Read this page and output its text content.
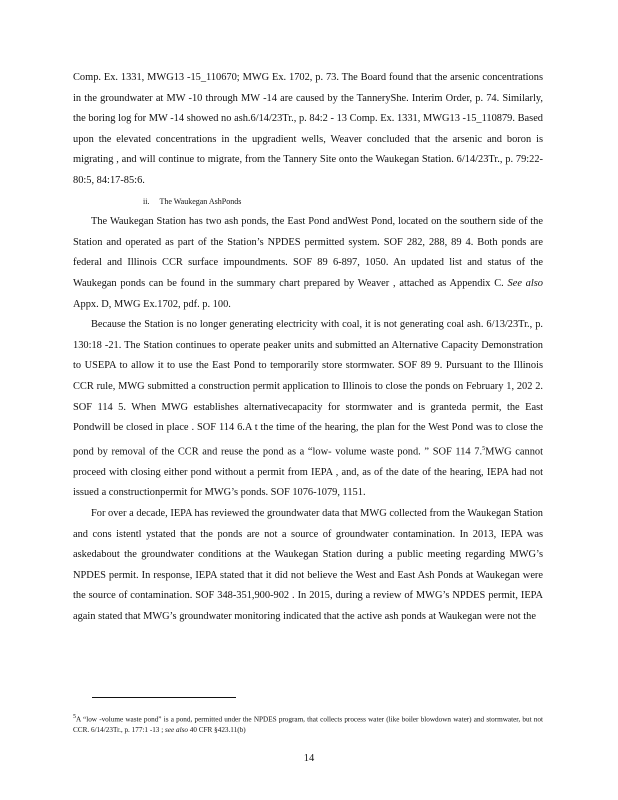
Comp. Ex. 1331, MWG13 -15_110670; MWG Ex. 1702, p. 73. The Board found that the arsenic concentrations in the groundwater at MW -10 through MW -14 are caused by the TanneryShe. Interim Order, p. 74. Similarly, the boring log for MW -14 showed no ash.6/14/23Tr., p. 84:2 - 13 Comp. Ex. 1331, MWG13 -15_110879. Based upon the elevated concentrations in the upgradient wells, Weaver concluded that the arsenic and boron is migrating , and will continue to migrate, from the Tannery Site onto the Waukegan Station. 6/14/23Tr., p. 79:22-80:5, 84:17-85:6.

ii. The Waukegan AshPonds

The Waukegan Station has two ash ponds, the East Pond andWest Pond, located on the southern side of the Station and operated as part of the Station’s NPDES permitted system. SOF 282, 288, 89 4. Both ponds are federal and Illinois CCR surface impoundments. SOF 89 6-897, 1050. An updated list and status of the Waukegan ponds can be found in the summary chart prepared by Weaver , attached as Appendix C. See also Appx. D, MWG Ex.1702, pdf. p. 100.

Because the Station is no longer generating electricity with coal, it is not generating coal ash. 6/13/23Tr., p. 130:18 -21. The Station continues to operate peaker units and submitted an Alternative Capacity Demonstration to USEPA to allow it to use the East Pond to temporarily store stormwater. SOF 89 9. Pursuant to the Illinois CCR rule, MWG submitted a construction permit application to Illinois to close the ponds on February 1, 202 2. SOF 114 5. When MWG establishes alternativecapacity for stormwater and is granteda permit, the East Pondwill be closed in place . SOF 114 6.A t the time of the hearing, the plan for the West Pond was to close the pond by removal of the CCR and reuse the pond as a “low- volume waste pond. ” SOF 114 7.$^5$MWG cannot proceed with closing either pond without a permit from IEPA , and, as of the date of the hearing, IEPA had not issued a constructionpermit for MWG’s ponds. SOF 1076-1079, 1151.

For over a decade, IEPA has reviewed the groundwater data that MWG collected from the Waukegan Station and cons istentl ystated that the ponds are not a source of groundwater contamination. In 2013, IEPA was askedabout the groundwater conditions at the Waukegan Station during a public meeting regarding MWG’s NPDES permit. In response, IEPA stated that it did not believe the West and East Ash Ponds at Waukegan were the source of contamination. SOF 348-351,900-902 . In 2015, during a review of MWG’s NPDES permit, IEPA again stated that MWG’s groundwater monitoring indicated that the active ash ponds at Waukegan were not the

$^5$A “low -volume waste pond” is a pond, permitted under the NPDES program, that collects process water (like boiler blowdown water) and stormwater, but not CCR. 6/14/23Tr., p. 177:1 -13 ; see also 40 CFR §423.11(b)
14
